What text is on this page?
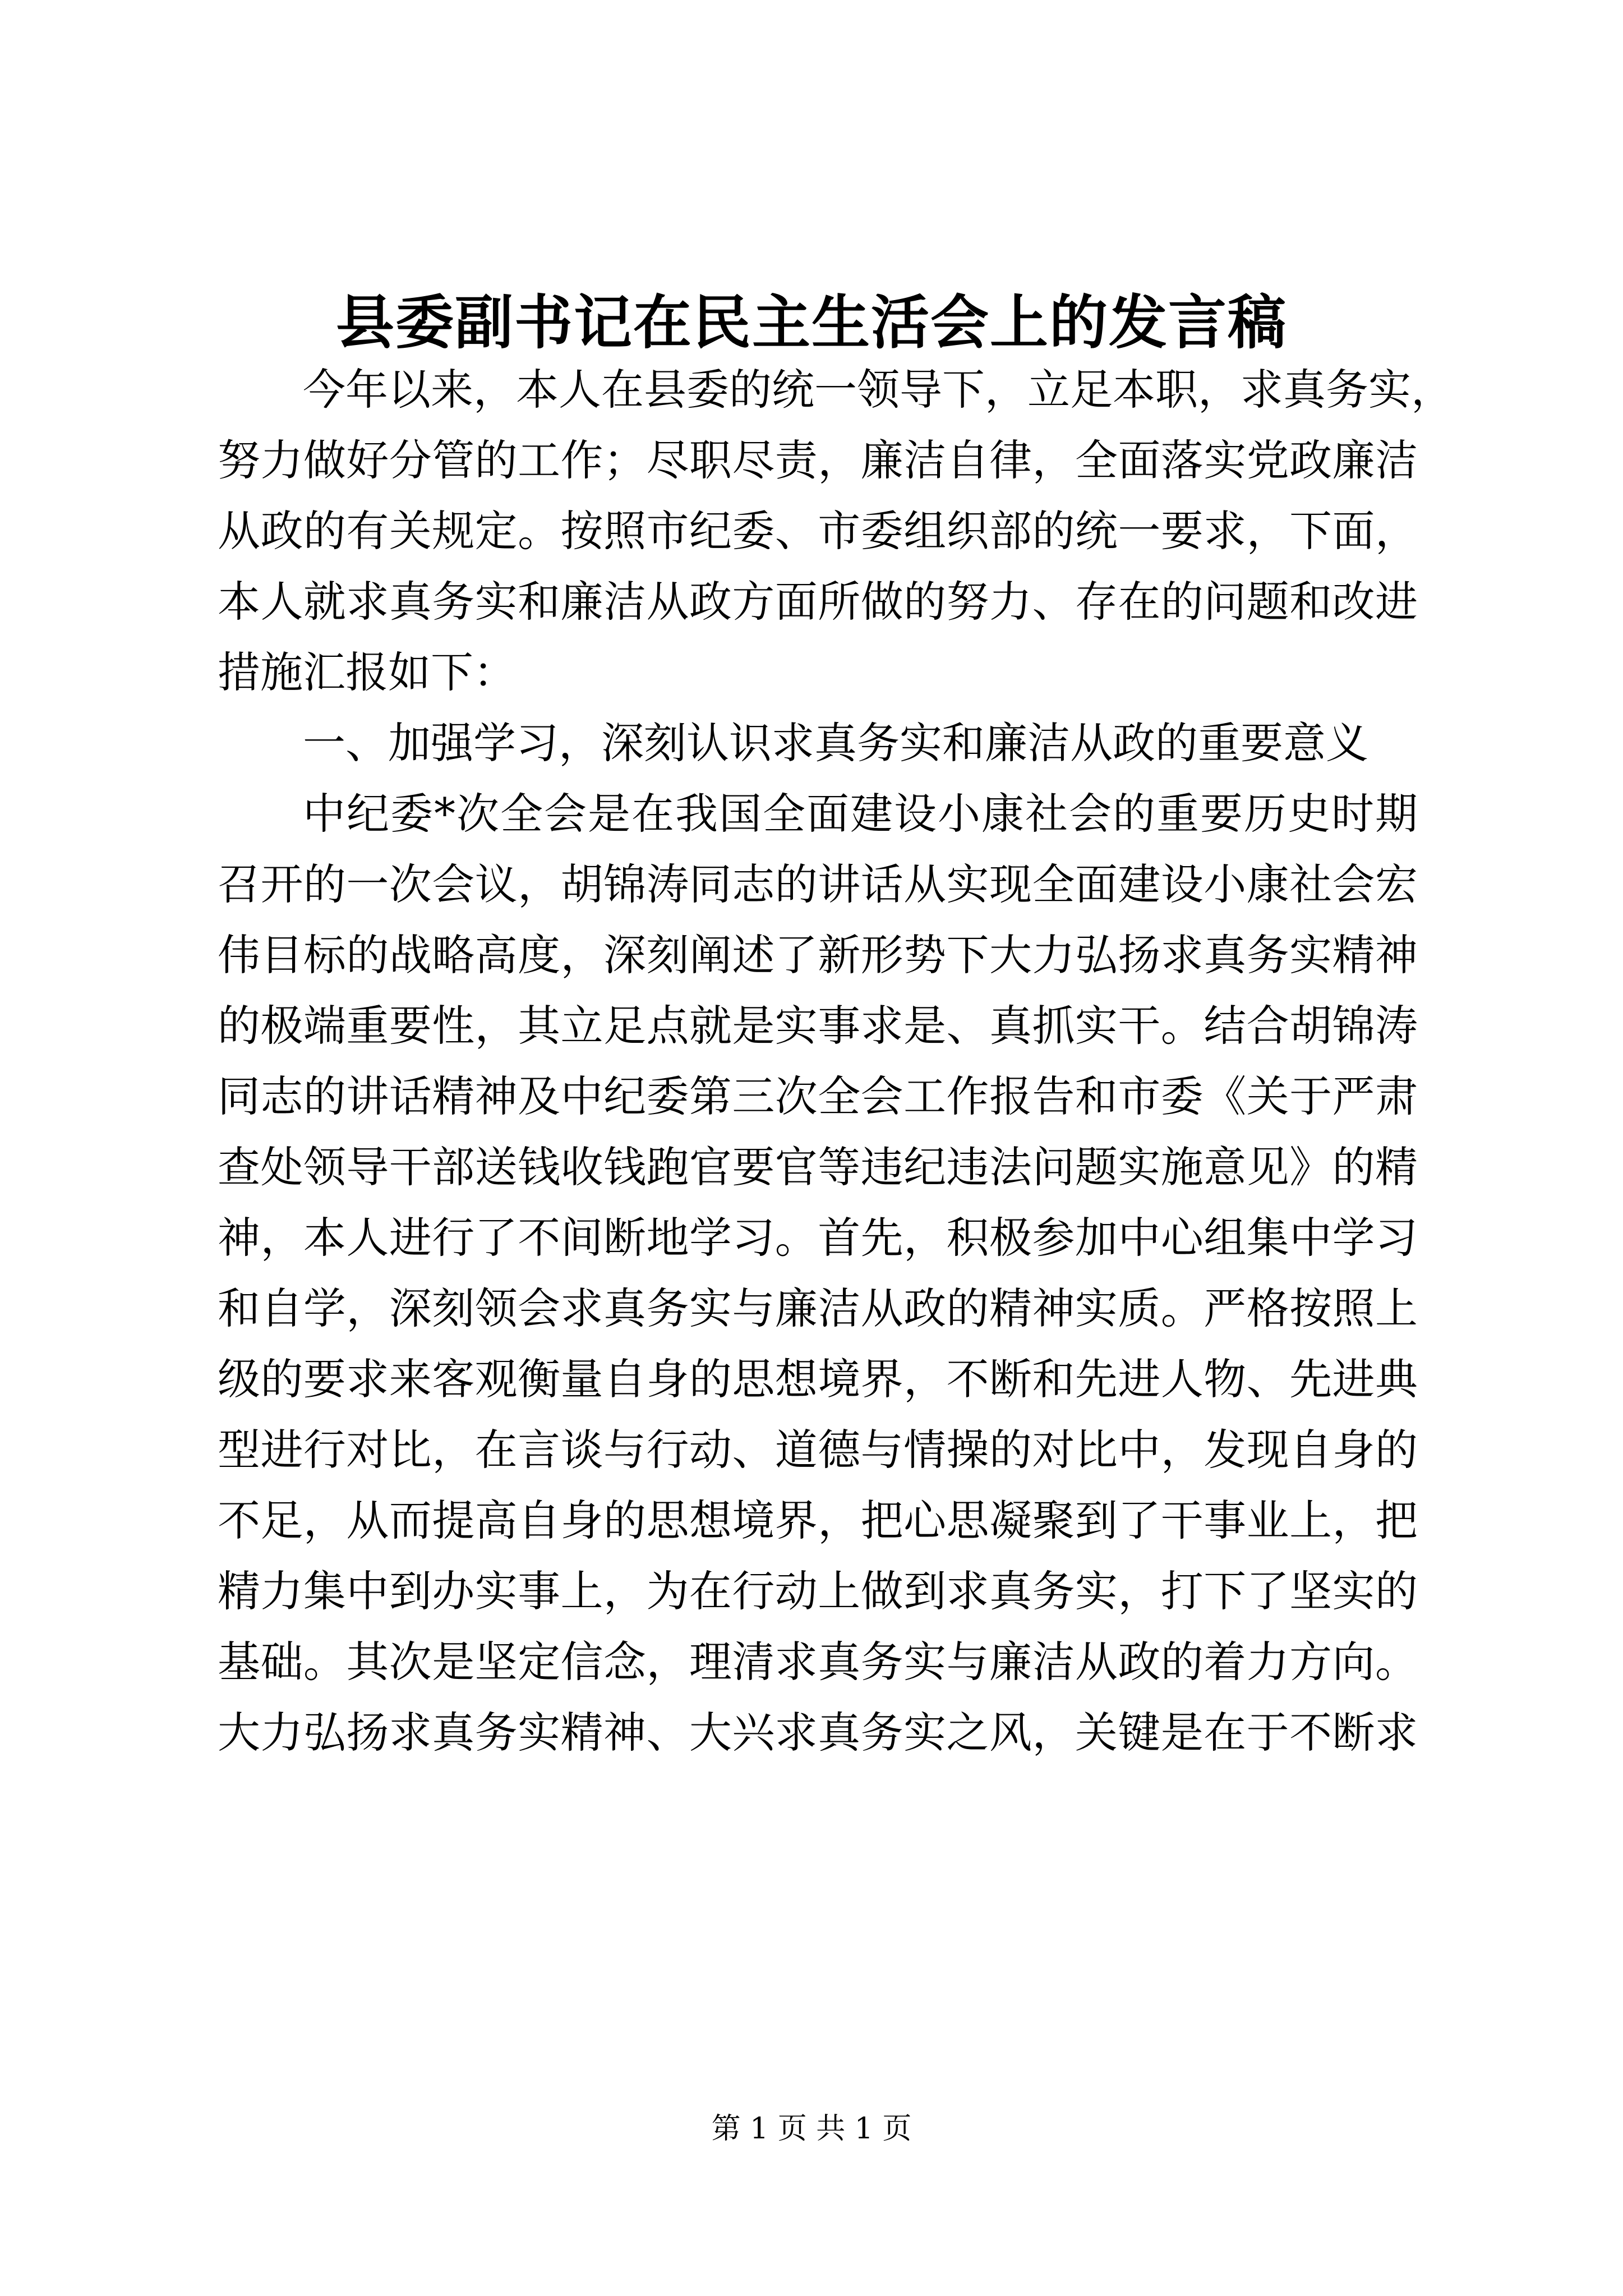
县委副书记在民主生活会上的发言稿
今年以来，本人在县委的统一领导下，立足本职，求真务实，
努力做好分管的工作；尽职尽责，廉洁自律，全面落实党政廉洁
从政的有关规定。按照市纪委、市委组织部的统一要求，下面，
本人就求真务实和廉洁从政方面所做的努力、存在的问题和改进
措施汇报如下：
一、加强学习，深刻认识求真务实和廉洁从政的重要意义
中纪委*次全会是在我国全面建设小康社会的重要历史时期
召开的一次会议，胡锦涛同志的讲话从实现全面建设小康社会宏
伟目标的战略高度，深刻阐述了新形势下大力弘扬求真务实精神
的极端重要性，其立足点就是实事求是、真抓实干。结合胡锦涛
同志的讲话精神及中纪委第三次全会工作报告和市委《关于严肃
查处领导干部送钱收钱跑官要官等违纪违法问题实施意见》的精
神，本人进行了不间断地学习。首先，积极参加中心组集中学习
和自学，深刻领会求真务实与廉洁从政的精神实质。严格按照上
级的要求来客观衡量自身的思想境界，不断和先进人物、先进典
型进行对比，在言谈与行动、道德与情操的对比中，发现自身的
不足，从而提高自身的思想境界，把心思凝聚到了干事业上，把
精力集中到办实事上，为在行动上做到求真务实，打下了坚实的
基础。其次是坚定信念，理清求真务实与廉洁从政的着力方向。
大力弘扬求真务实精神、大兴求真务实之风，关键是在于不断求
第 1 页 共 1 页
